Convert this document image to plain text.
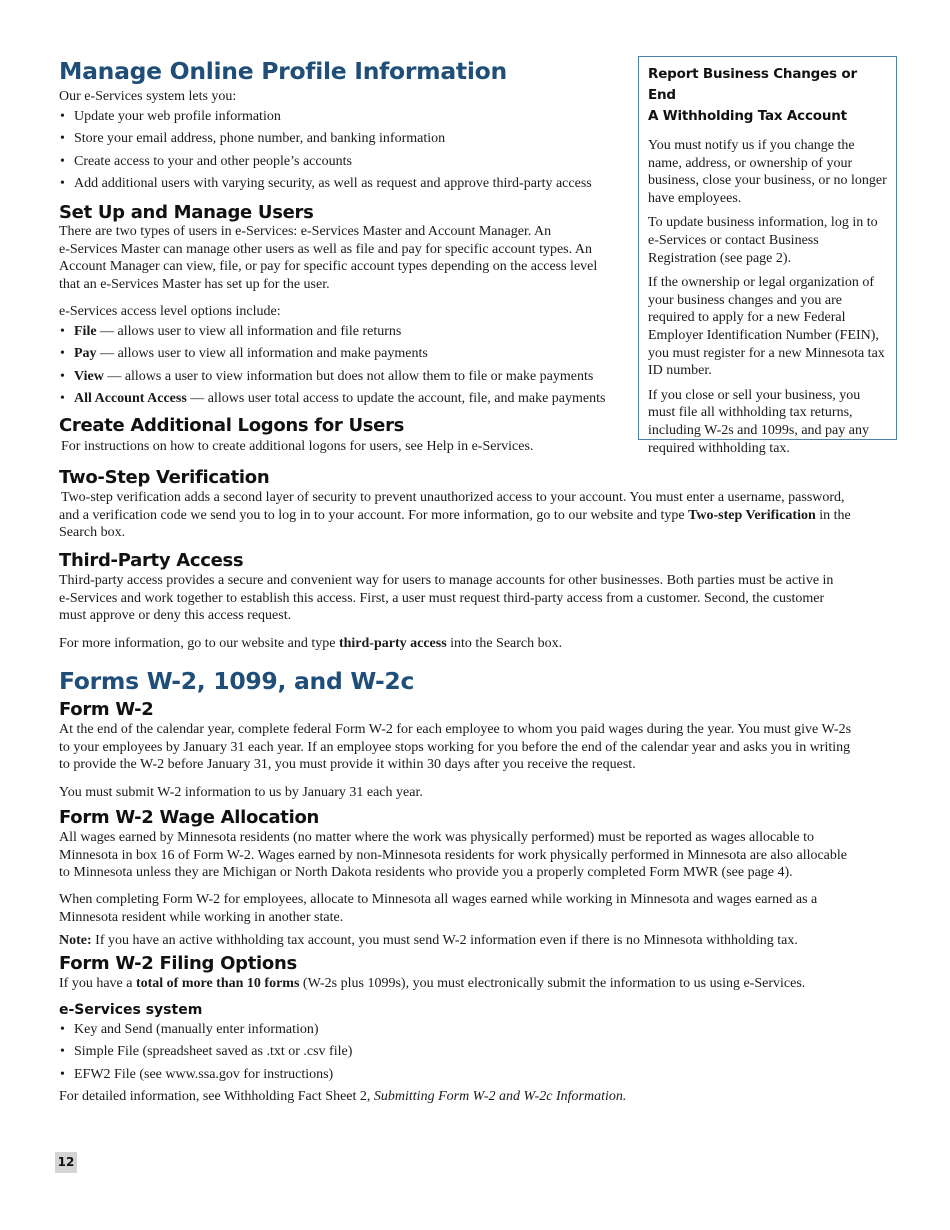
Manage Online Profile Information

Our e-Services system lets you:

• Update your web profile information
• Store your email address, phone number, and banking information
• Create access to your and other people’s accounts
• Add additional users with varying security, as well as request and approve third-party access
Set Up and Manage Users
There are two types of users in e-Services: e-Services Master and Account Manager. An
e-Services Master can manage other users as well as file and pay for specific account types. An
Account Manager can view, file, or pay for specific account types depending on the access level
that an e-Services Master has set up for the user.

e-Services access level options include:

• File — allows user to view all information and file returns
• Pay — allows user to view all information and make payments
• View — allows a user to view information but does not allow them to file or make payments
• All Account Access — allows user total access to update the account, file, and make payments
Create Additional Logons for Users

For instructions on how to create additional logons for users, see Help in e-Services.

Two-Step Verification
Two-step verification adds a second layer of security to prevent unauthorized access to your account. You must enter a username, password,
and a verification code we send you to log in to your account. For more information, go to our website and type Two-step Verification in the
Search box.
Third-Party Access
Third-party access provides a secure and convenient way for users to manage accounts for other businesses. Both parties must be active in
e-Services and work together to establish this access. First, a user must request third-party access from a customer. Second, the customer
must approve or deny this access request.

For more information, go to our website and type third-party access into the Search box.

Forms W-2, 1099, and W-2c
Form W-2
At the end of the calendar year, complete federal Form W-2 for each employee to whom you paid wages during the year. You must give W-2s
to your employees by January 31 each year. If an employee stops working for you before the end of the calendar year and asks you in writing
to provide the W-2 before January 31, you must provide it within 30 days after you receive the request.

You must submit W-2 information to us by January 31 each year.

Form W-2 Wage Allocation
All wages earned by Minnesota residents (no matter where the work was physically performed) must be reported as wages allocable to
Minnesota in box 16 of Form W-2. Wages earned by non-Minnesota residents for work physically performed in Minnesota are also allocable
to Minnesota unless they are Michigan or North Dakota residents who provide you a properly completed Form MWR (see page 4).
When completing Form W-2 for employees, allocate to Minnesota all wages earned while working in Minnesota and wages earned as a
Minnesota resident while working in another state.

Note: If you have an active withholding tax account, you must send W-2 information even if there is no Minnesota withholding tax.

Form W-2 Filing Options

If you have a total of more than 10 forms (W-2s plus 1099s), you must electronically submit the information to us using e-Services.

e-Services system
• Key and Send (manually enter information)
• Simple File (spreadsheet saved as .txt or .csv file)
• EFW2 File (see www.ssa.gov for instructions)

For detailed information, see Withholding Fact Sheet 2, Submitting Form W-2 and W-2c Information.

Report Business Changes or End
A Withholding Tax Account

You must notify us if you change the name, address, or ownership of your business, close your business, or no longer have employees.

To update business information, log in to e-Services or contact Business Registration (see page 2).

If the ownership or legal organization of your business changes and you are required to apply for a new Federal Employer Identification Number (FEIN), you must register for a new Minnesota tax ID number.

If you close or sell your business, you must file all withholding tax returns, including W-2s and 1099s, and pay any required withholding tax.

12
